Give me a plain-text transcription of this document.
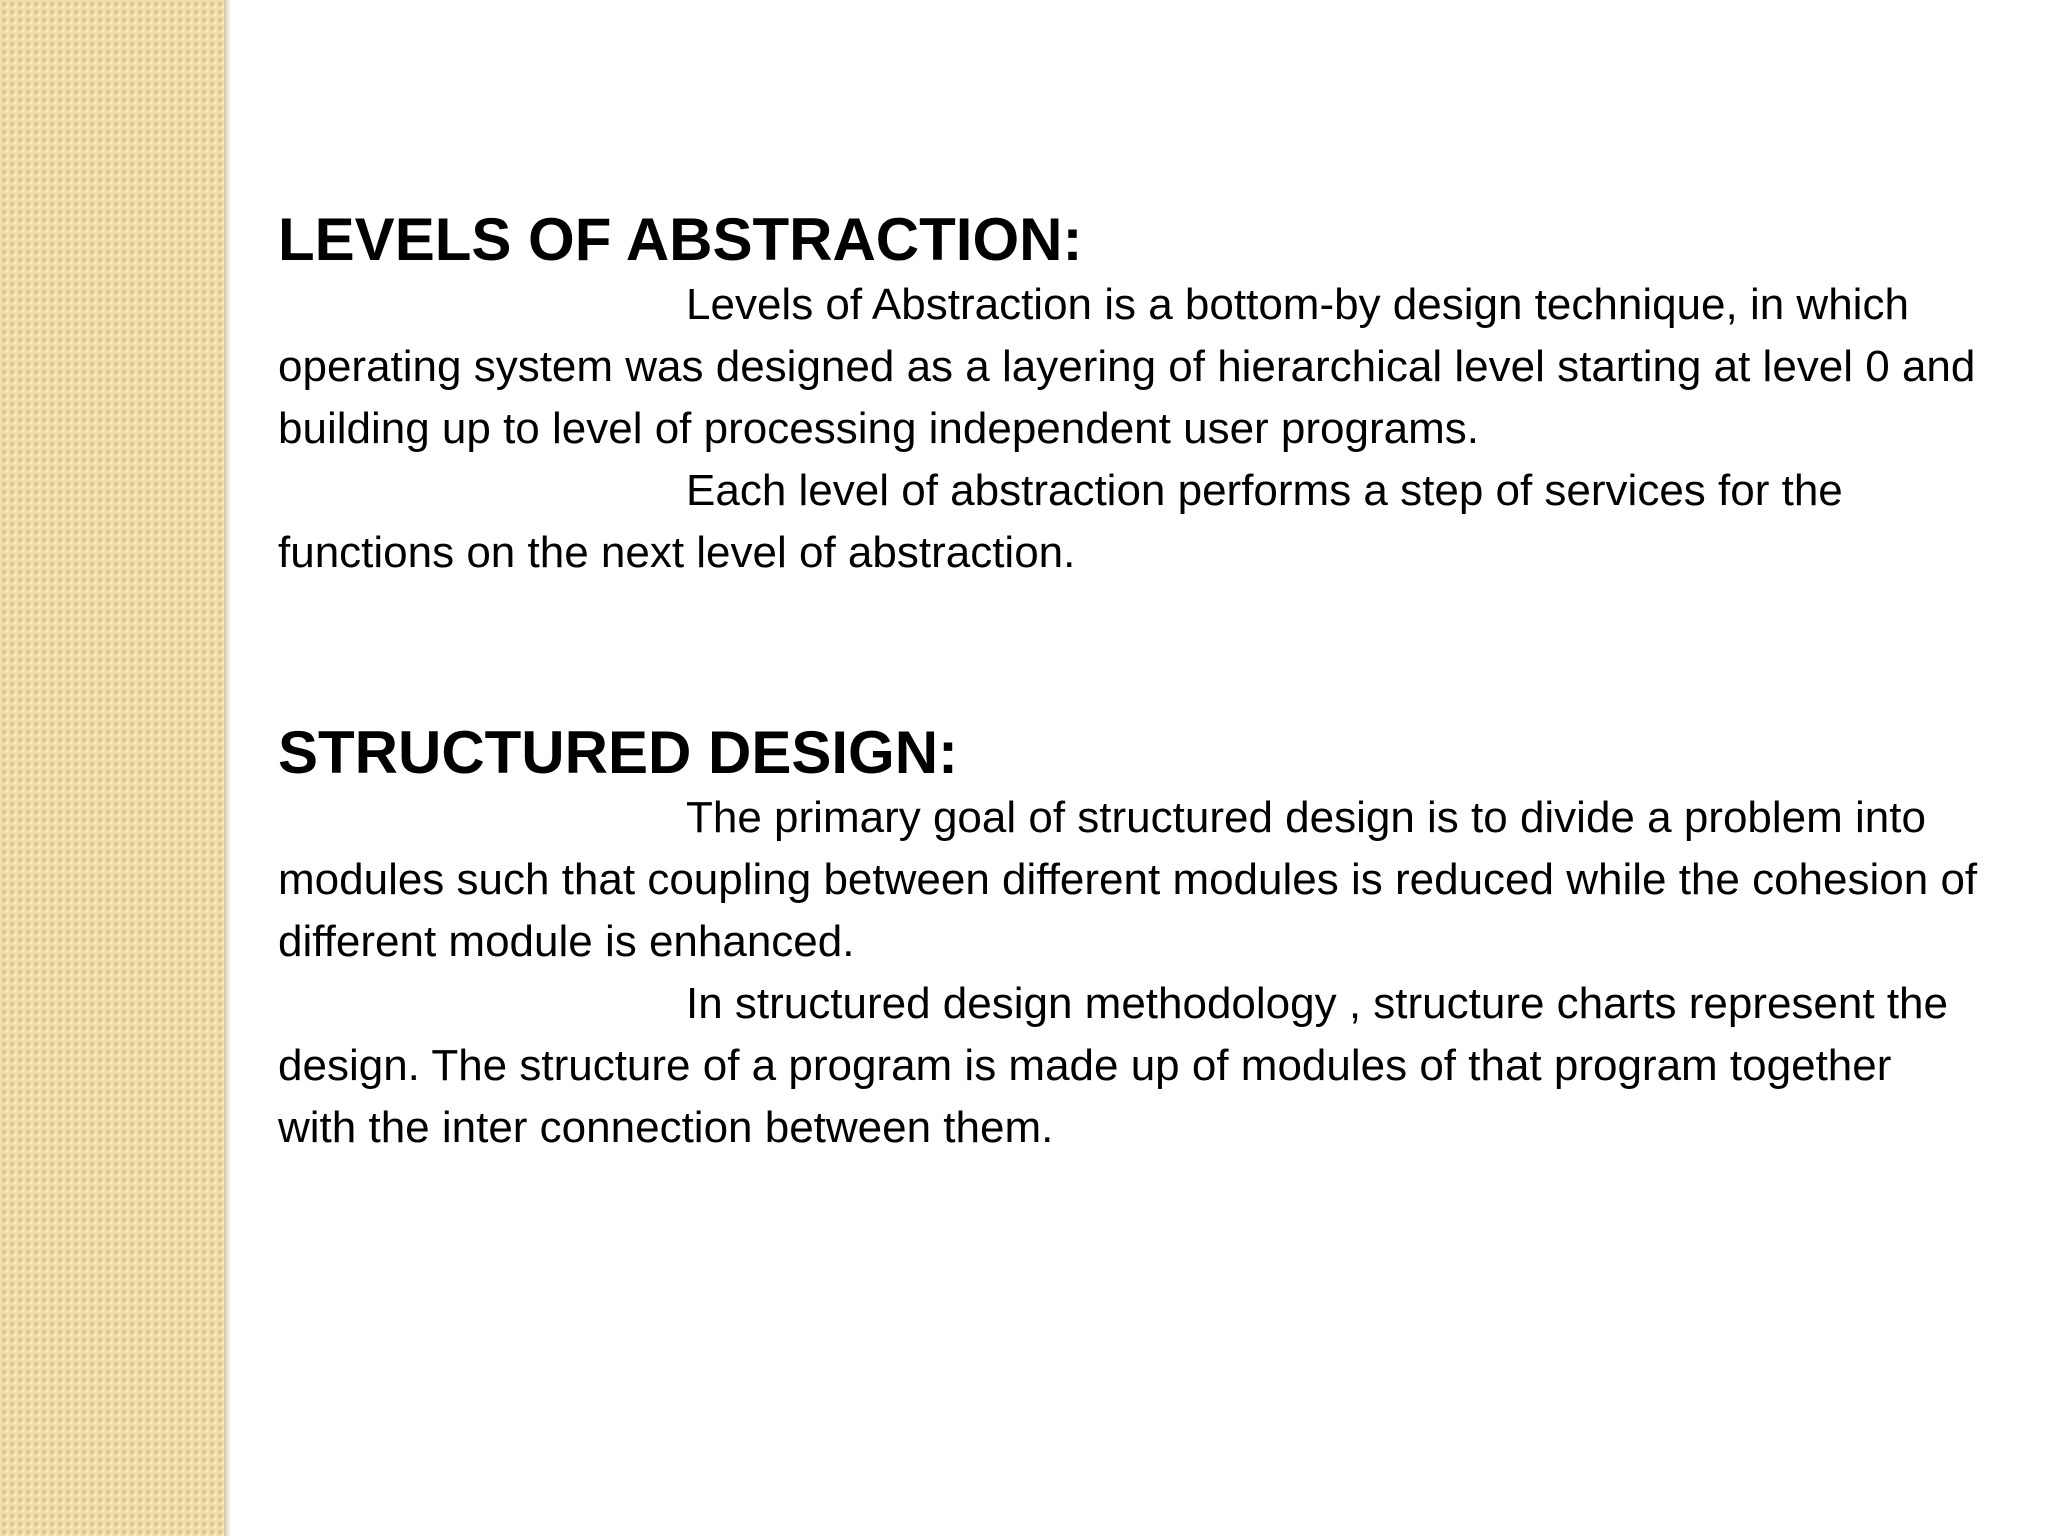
LEVELS OF ABSTRACTION:

Levels of Abstraction is a bottom-by design technique, in which operating system was designed as a layering of hierarchical level starting at level 0 and building up to level of processing independent user programs.

Each level of abstraction performs a step of services for the functions on the next level of abstraction.

STRUCTURED DESIGN:

The primary goal of structured design is to divide a problem into modules such that coupling between different modules is reduced while the cohesion of different module is enhanced.

In structured design methodology , structure charts represent the design. The structure of a program is made up of modules of that program together with the inter connection between them.
